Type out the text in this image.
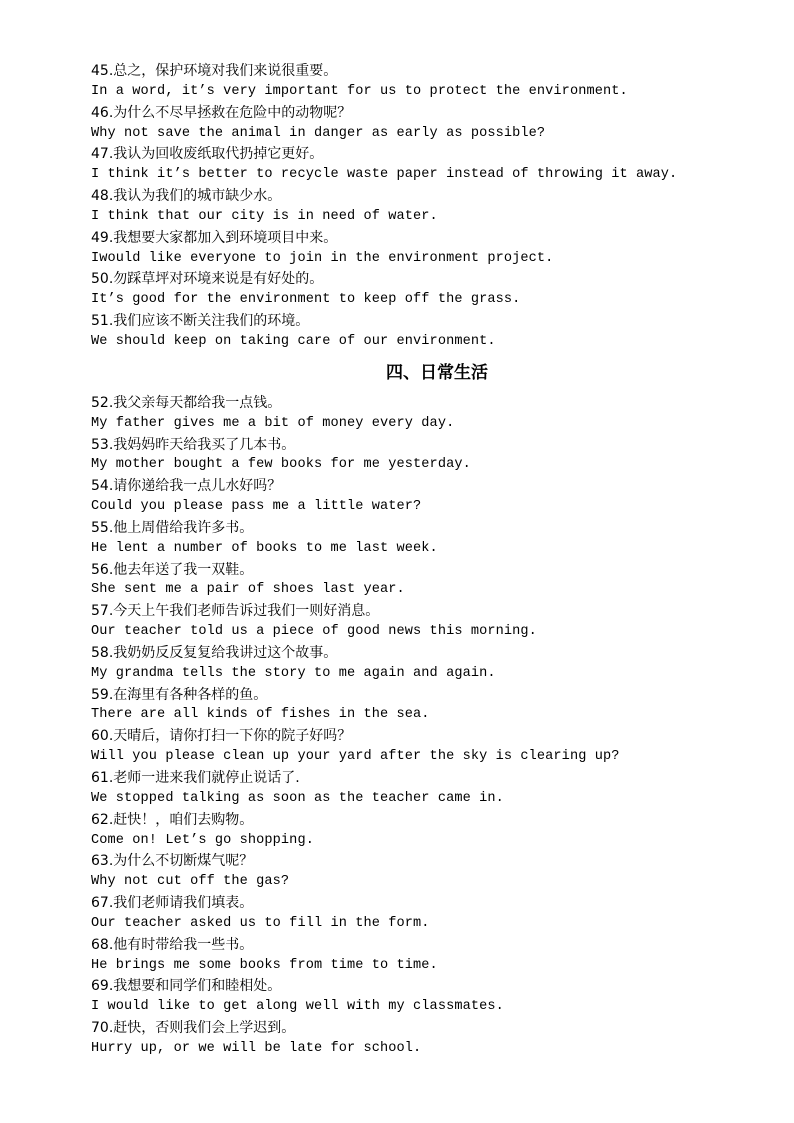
45.总之，保护环境对我们来说很重要。
In a word, it’s very important for us to protect the environment.
46.为什么不尽早拯救在危险中的动物呢？
Why not save the animal in danger as early as possible?
47.我认为回收废纸取代扔掉它更好。
I think it’s better to recycle waste paper instead of throwing it away.
48.我认为我们的城市缺少水。
I think that our city is in need of water.
49.我想要大家都加入到环境项目中来。
Iwould like everyone to join in the environment project.
50.勿踩草坪对环境来说是有好处的。
It’s good for the environment to keep off the grass.
51.我们应该不断关注我们的环境。
We should keep on taking care of our environment.
四、日常生活
52.我父亲每天都给我一点钱。
My father gives me a bit of money every day.
53.我妈妈昨天给我买了几本书。
My mother bought a few books for me yesterday.
54.请你递给我一点儿水好吗？
Could you please pass me a little water?
55.他上周借给我许多书。
He lent a number of books to me last week.
56.他去年送了我一双鞋。
She sent me a pair of shoes last year.
57.今天上午我们老师告诉过我们一则好消息。
Our teacher told us a piece of good news this morning.
58.我奶奶反反复复给我讲过这个故事。
My grandma tells the story to me again and again.
59.在海里有各种各样的鱼。
There are all kinds of fishes in the sea.
60.天晴后，请你打扫一下你的院子好吗？
Will you please clean up your yard after the sky is clearing up?
61.老师一进来我们就停止说话了.
We stopped talking as soon as the teacher came in.
62.赶快！，咱们去购物。
Come on! Let’s go shopping.
63.为什么不切断煤气呢？
Why not cut off the gas?
67.我们老师请我们填表。
Our teacher asked us to fill in the form.
68.他有时带给我一些书。
He brings me some books from time to time.
69.我想要和同学们和睦相处。
I would like to get along well with my classmates.
70.赶快，否则我们会上学迟到。
Hurry up, or we will be late for school.
